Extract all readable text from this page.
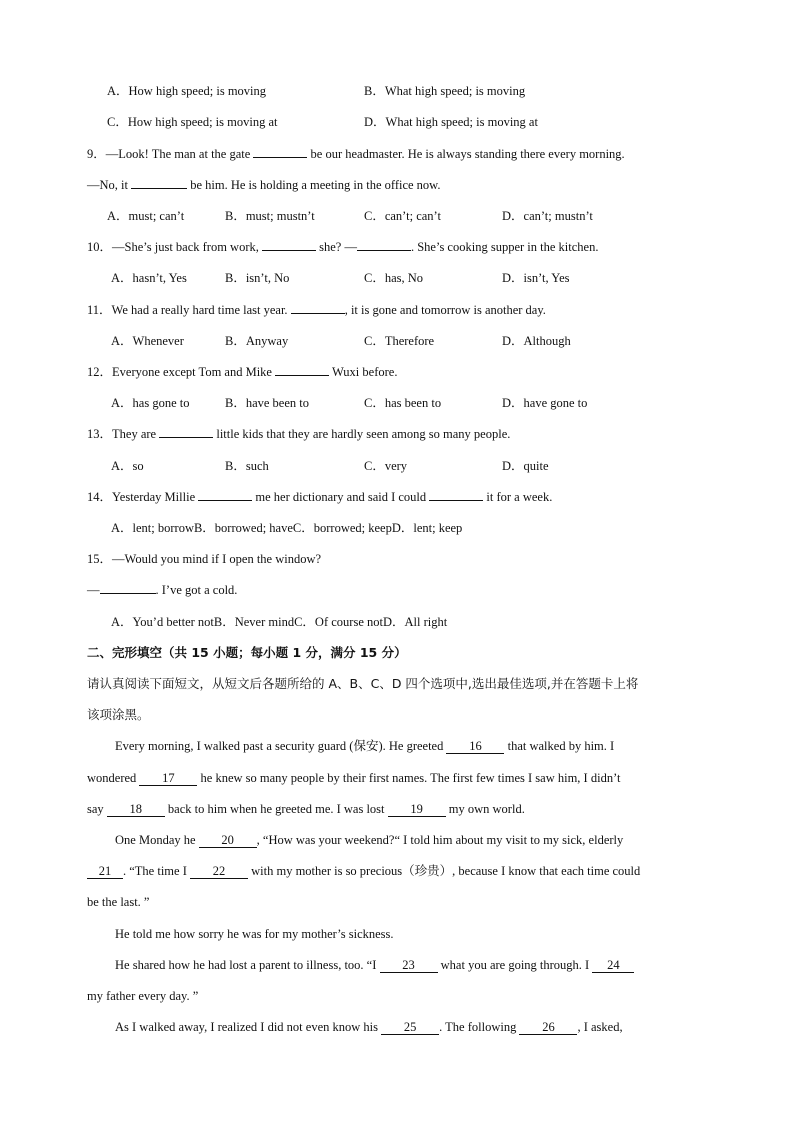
A．How high speed; is moving	B．What high speed; is moving
C．How high speed; is moving at	D．What high speed; is moving at
9．—Look! The man at the gate	be our headmaster. He is always standing there every morning.
—No, it	be him. He is holding a meeting in the office now.
A．must; can’t	B．must; mustn’t	C．can’t; can’t	D．can’t; mustn’t
10．—She’s just back from work,	she? —	. She’s cooking supper in the kitchen.
A．hasn’t, Yes	B．isn’t, No	C．has, No	D．isn’t, Yes
11．We had a really hard time last year.	, it is gone and tomorrow is another day.
A．Whenever	B．Anyway	C．Therefore	D．Although
12．Everyone except Tom and Mike	Wuxi before.
A．has gone to	B．have been to	C．has been to	D．have gone to
13．They are	little kids that they are hardly seen among so many people.
A．so	B．such	C．very	D．quite
14．Yesterday Millie	me her dictionary and said I could	it for a week.
A．lent; borrowB．borrowed; haveC．borrowed; keepD．lent; keep
15．—Would you mind if I open the window?
—	. I’ve got a cold.
A．You’d better notB．Never mindC．Of course notD．All right
二、完形填空（共 15 小题；每小题 1 分，满分 15 分）
请认真阅读下面短文，从短文后各题所给的 A、B、C、D 四个选项中,选出最佳选项,并在答题卡上将
该项涂黑。
Every morning, I walked past a security guard (保安). He greeted 16 that walked by him. I
wondered 17 he knew so many people by their first names. The first few times I saw him, I didn’t
say 18 back to him when he greeted me. I was lost 19 my own world.
One Monday he 20 , “How was your weekend?“ I told him about my visit to my sick, elderly
21 . “The time I 22 with my mother is so precious（珍贵）, because I know that each time could
be the last. ”
He told me how sorry he was for my mother’s sickness.
He shared how he had lost a parent to illness, too. “I 23 what you are going through. I 24
my father every day. ”
As I walked away, I realized I did not even know his 25 . The following 26 , I asked,
